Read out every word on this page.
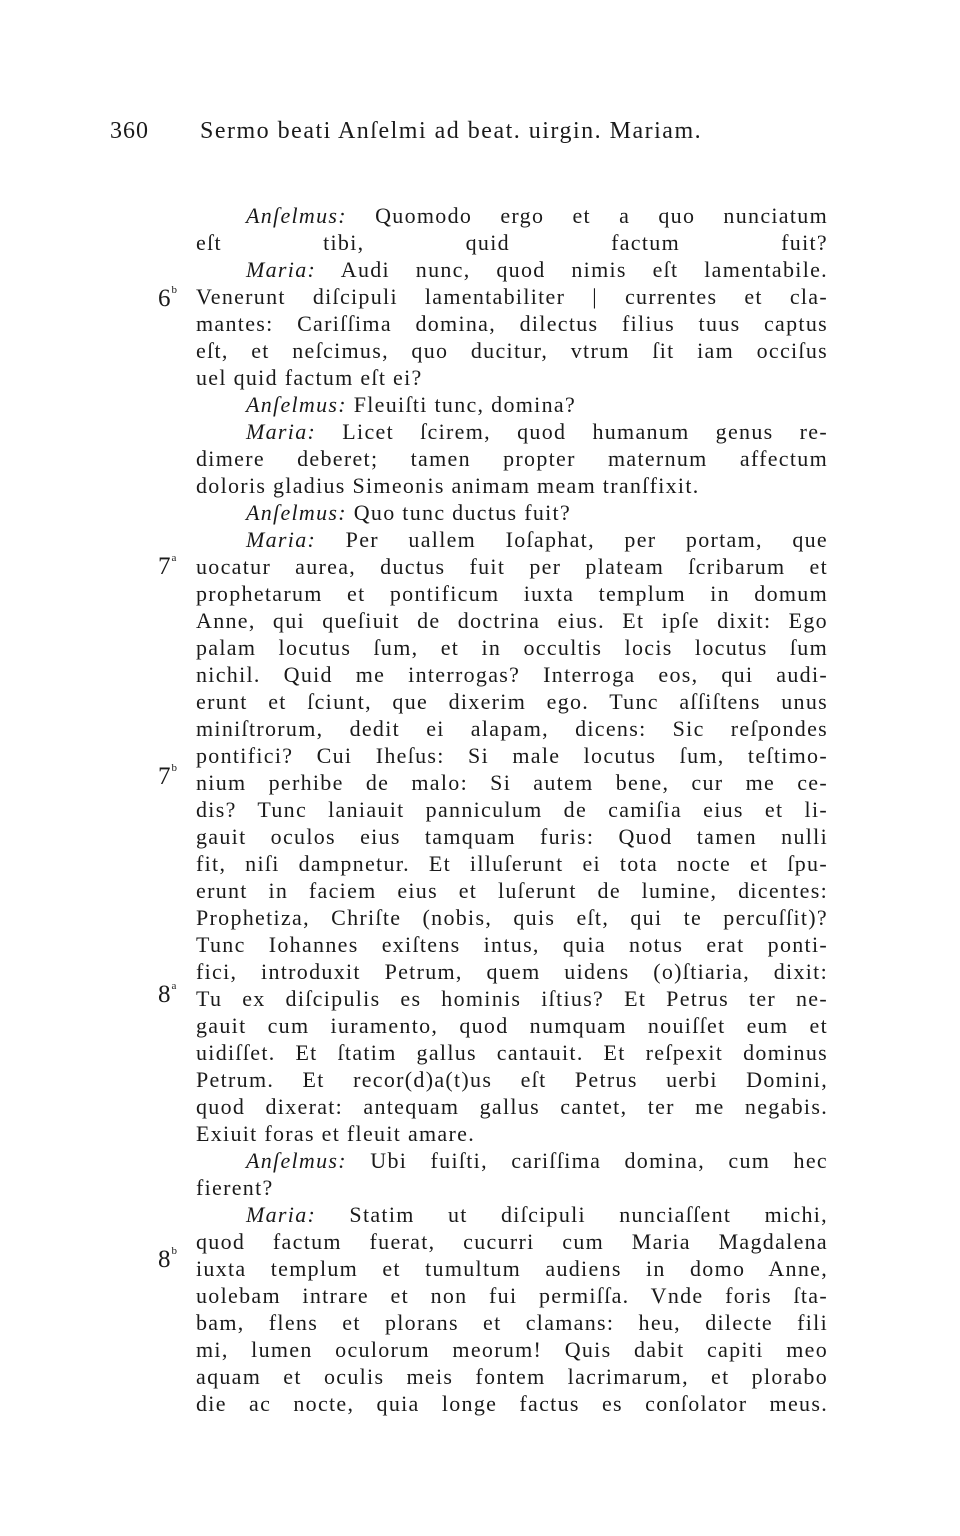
360 Sermo beati Anſelmi ad beat. uirgin. Mariam.
6$^b$
7$^a$
7$^b$
8$^a$
8$^b$
Anſelmus: Quomodo ergo et a quo nunciatum
eſt tibi, quid factum fuit?
Maria: Audi nunc, quod nimis eſt lamentabile.
Venerunt diſcipuli lamentabiliter | currentes et cla-
mantes: Cariſſima domina, dilectus filius tuus captus
eſt, et neſcimus, quo ducitur, vtrum ſit iam occiſus
uel quid factum eſt ei?
Anſelmus: Fleuiſti tunc, domina?
Maria: Licet ſcirem, quod humanum genus re-
dimere deberet; tamen propter maternum affectum
doloris gladius Simeonis animam meam tranſfixit.
Anſelmus: Quo tunc ductus fuit?
Maria: Per uallem Ioſaphat, per portam, que
uocatur aurea, ductus fuit per plateam ſcribarum et
prophetarum et pontificum iuxta templum in domum
Anne, qui queſiuit de doctrina eius. Et ipſe dixit: Ego
palam locutus ſum, et in occultis locis locutus ſum
nichil. Quid me interrogas? Interroga eos, qui audi-
erunt et ſciunt, que dixerim ego. Tunc aſſiſtens unus
miniſtrorum, dedit ei alapam, dicens: Sic reſpondes
pontifici? Cui Iheſus: Si male locutus ſum, teſtimo-
nium perhibe de malo: Si autem bene, cur me ce-
dis? Tunc laniauit panniculum de camiſia eius et li-
gauit oculos eius tamquam furis: Quod tamen nulli
fit, niſi dampnetur. Et illuſerunt ei tota nocte et ſpu-
erunt in faciem eius et luſerunt de lumine, dicentes:
Prophetiza, Chriſte (nobis, quis eſt, qui te percuſſit)?
Tunc Iohannes exiſtens intus, quia notus erat ponti-
fici, introduxit Petrum, quem uidens (o)ſtiaria, dixit:
Tu ex diſcipulis es hominis iſtius? Et Petrus ter ne-
gauit cum iuramento, quod numquam nouiſſet eum et
uidiſſet. Et ſtatim gallus cantauit. Et reſpexit dominus
Petrum. Et recor(d)a(t)us eſt Petrus uerbi Domini,
quod dixerat: antequam gallus cantet, ter me negabis.
Exiuit foras et fleuit amare.
Anſelmus: Ubi fuiſti, cariſſima domina, cum hec
fierent?
Maria: Statim ut diſcipuli nunciaſſent michi,
quod factum fuerat, cucurri cum Maria Magdalena
iuxta templum et tumultum audiens in domo Anne,
uolebam intrare et non fui permiſſa. Vnde foris ſta-
bam, flens et plorans et clamans: heu, dilecte fili
mi, lumen oculorum meorum! Quis dabit capiti meo
aquam et oculis meis fontem lacrimarum, et plorabo
die ac nocte, quia longe factus es conſolator meus.
